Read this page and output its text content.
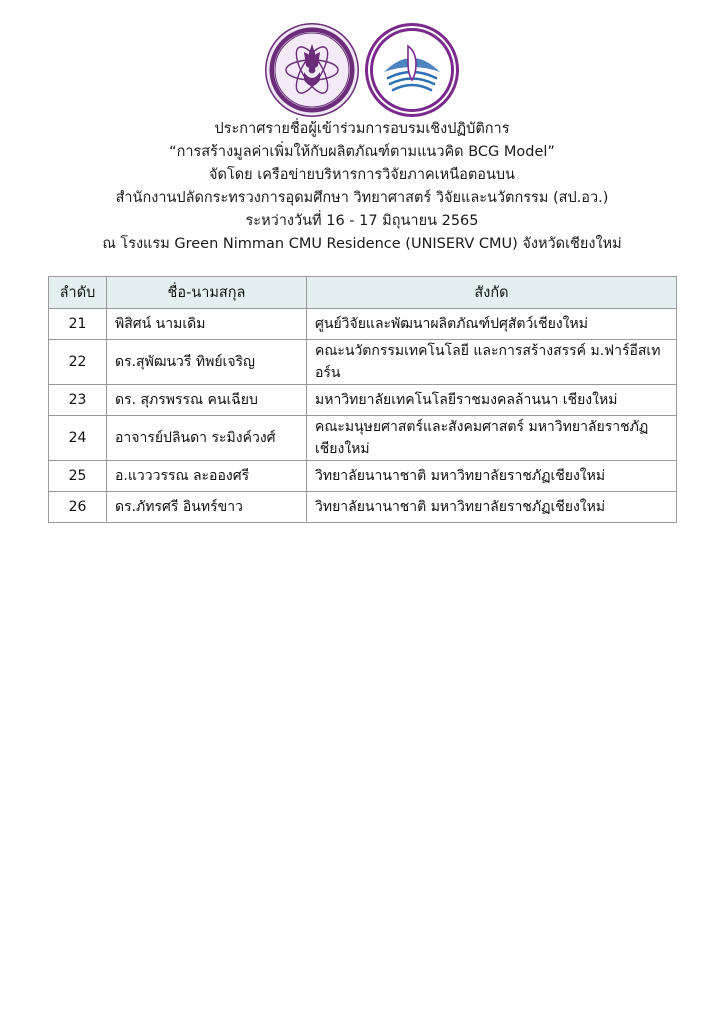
ประกาศรายชื่อผู้เข้าร่วมการอบรมเชิงปฏิบัติการ
“การสร้างมูลค่าเพิ่มให้กับผลิตภัณฑ์ตามแนวคิด BCG Model”
จัดโดย เครือข่ายบริหารการวิจัยภาคเหนือตอนบน
สำนักงานปลัดกระทรวงการอุดมศึกษา วิทยาศาสตร์ วิจัยและนวัตกรรม (สป.อว.)
ระหว่างวันที่ 16 - 17 มิถุนายน 2565
ณ โรงแรม Green Nimman CMU Residence (UNISERV CMU) จังหวัดเชียงใหม่
ลำดับ	ชื่อ-นามสกุล	สังกัด
21	พิสิศน์ นามเดิม	ศูนย์วิจัยและพัฒนาผลิตภัณฑ์ปศุสัตว์เชียงใหม่
22	ดร.สุพัฒนวรี ทิพย์เจริญ	คณะนวัตกรรมเทคโนโลยี และการสร้างสรรค์ ม.ฟาร์อีสเทอร์น
23	ดร. สุภรพรรณ คนเฉียบ	มหาวิทยาลัยเทคโนโลยีราชมงคลล้านนา เชียงใหม่
24	อาจารย์ปลินดา ระมิงค์วงศ์	คณะมนุษยศาสตร์และสังคมศาสตร์ มหาวิทยาลัยราชภัฏเชียงใหม่
25	อ.แวววรรณ ละอองศรี	วิทยาลัยนานาชาติ มหาวิทยาลัยราชภัฏเชียงใหม่
26	ดร.ภัทรศรี อินทร์ขาว	วิทยาลัยนานาชาติ มหาวิทยาลัยราชภัฏเชียงใหม่
